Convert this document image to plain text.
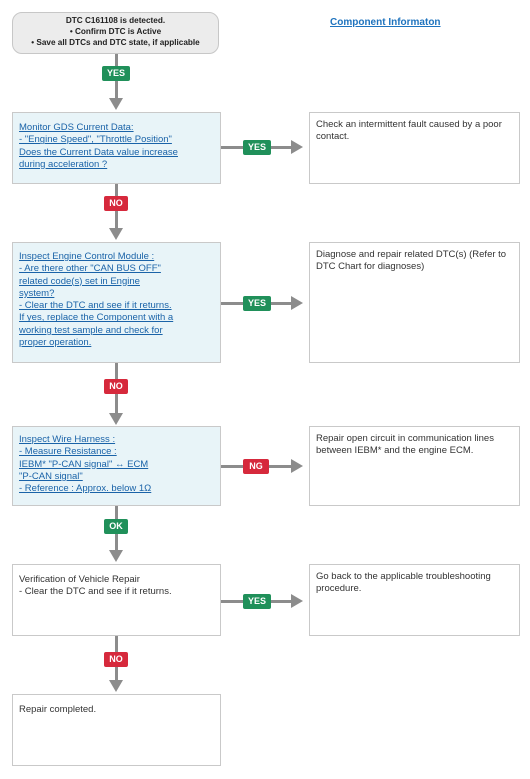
DTC C161108 is detected.
• Confirm DTC is Active
• Save all DTCs and DTC state, if applicable
Component Informaton
YES
Monitor GDS Current Data:
- "Engine Speed", "Throttle Position"
Does the Current Data value increase
during acceleration ?
YES
Check an intermittent fault caused by a poor contact.
NO
Inspect Engine Control Module :
- Are there other "CAN BUS OFF"
related code(s) set in Engine
system?
- Clear the DTC and see if it returns.
If yes, replace the Component with a
working test sample and check for
proper operation.
YES
Diagnose and repair related DTC(s) (Refer to DTC Chart for diagnoses)
NO
Inspect Wire Harness :
- Measure Resistance :
IEBM* "P-CAN signal" ↔ ECM
"P-CAN signal"
- Reference : Approx. below 1Ω
NG
Repair open circuit in communication lines between IEBM* and the engine ECM.
OK
Verification of Vehicle Repair
- Clear the DTC and see if it returns.
YES
Go back to the applicable troubleshooting procedure.
NO
Repair completed.
